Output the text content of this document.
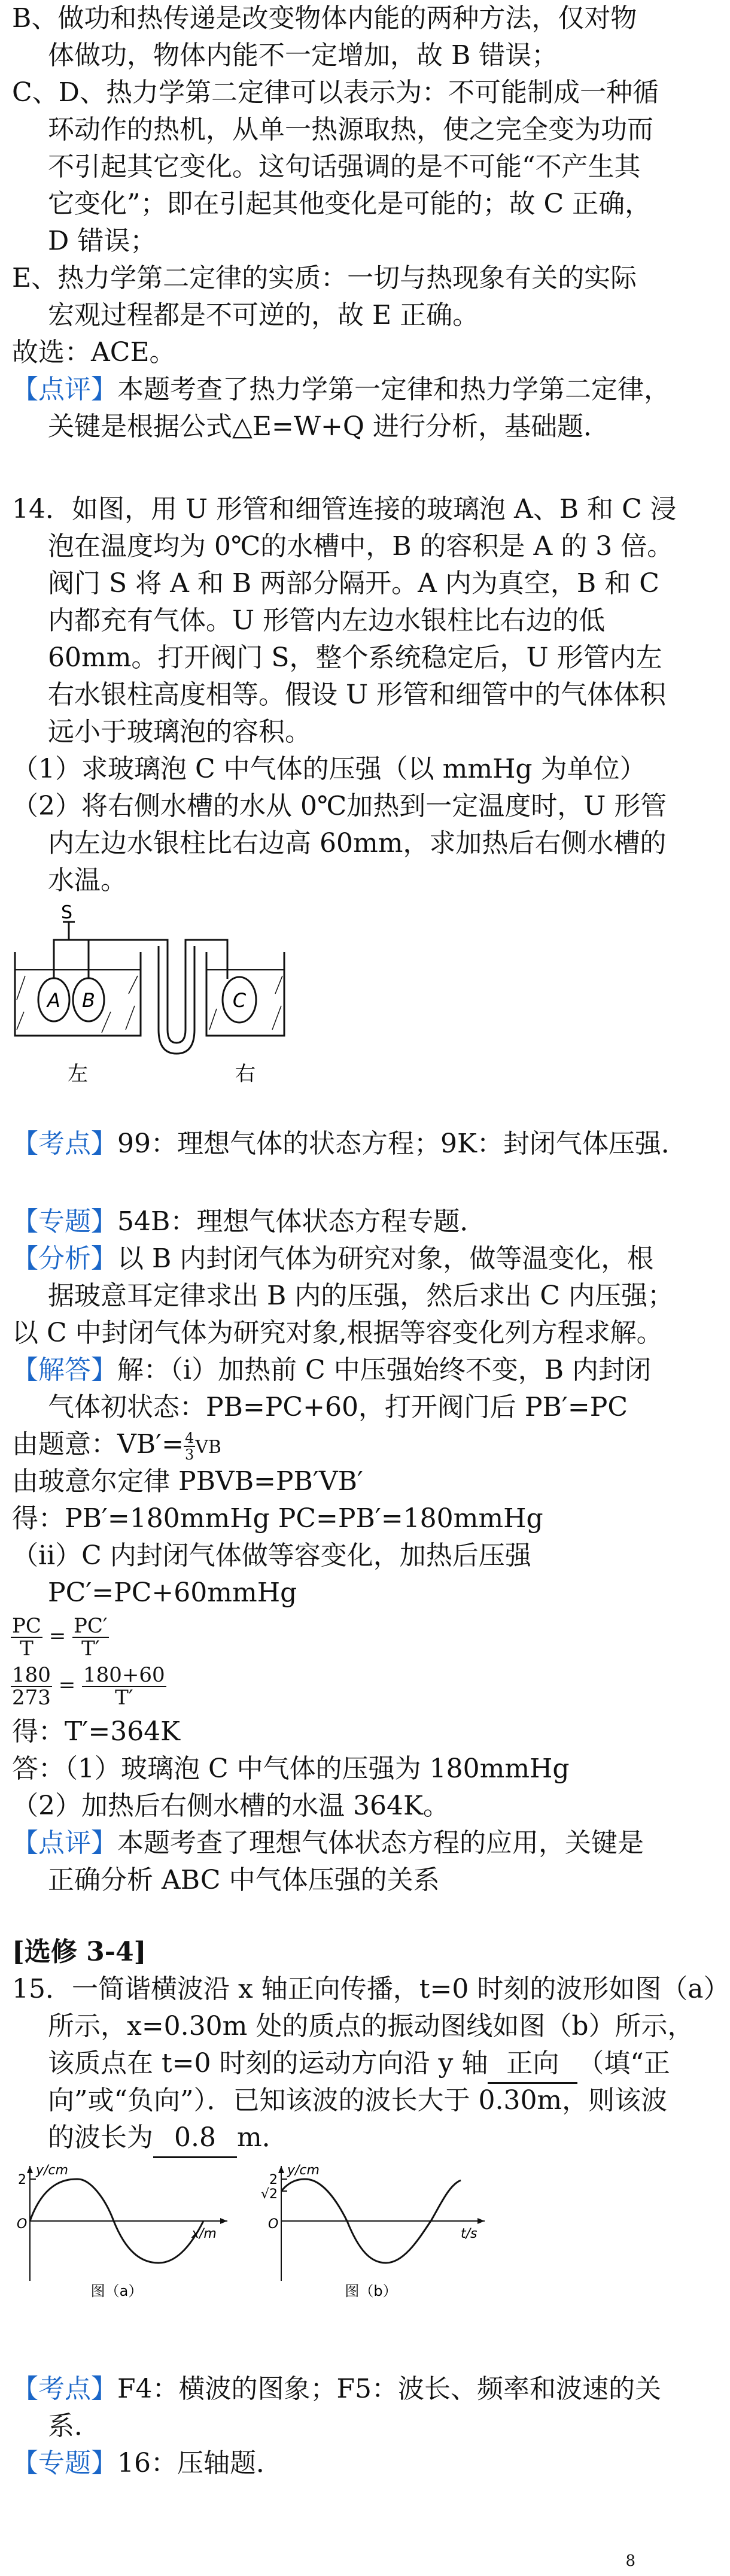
B、做功和热传递是改变物体内能的两种方法，仅对物
体做功，物体内能不一定增加，故 B 错误；
C、D、热力学第二定律可以表示为：不可能制成一种循
环动作的热机，从单一热源取热，使之完全变为功而
不引起其它变化。这句话强调的是不可能“不产生其
它变化”；即在引起其他变化是可能的；故 C 正确，
D 错误；
E、热力学第二定律的实质：一切与热现象有关的实际
宏观过程都是不可逆的，故 E 正确。
故选：ACE。
【点评】本题考查了热力学第一定律和热力学第二定律，
关键是根据公式△E=W+Q 进行分析，基础题．
14．如图，用 U 形管和细管连接的玻璃泡 A、B 和 C 浸
泡在温度均为 0℃的水槽中，B 的容积是 A 的 3 倍。
阀门 S 将 A 和 B 两部分隔开。A 内为真空，B 和 C
内都充有气体。U 形管内左边水银柱比右边的低
60mm。打开阀门 S，整个系统稳定后，U 形管内左
右水银柱高度相等。假设 U 形管和细管中的气体体积
远小于玻璃泡的容积。
（1）求玻璃泡 C 中气体的压强（以 mmHg 为单位）
（2）将右侧水槽的水从 0℃加热到一定温度时，U 形管
内左边水银柱比右边高 60mm，求加热后右侧水槽的
水温。
A B
S
C
左	右
【考点】99：理想气体的状态方程；9K：封闭气体压强．
【专题】54B：理想气体状态方程专题．
【分析】以 B 内封闭气体为研究对象，做等温变化，根
据玻意耳定律求出 B 内的压强，然后求出 C 内压强；
以 C 中封闭气体为研究对象,根据等容变化列方程求解。
【解答】解：（i）加热前 C 中压强始终不变，B 内封闭
气体初状态：PB=PC+60，打开阀门后 PB′=PC
由题意：$VB'= \frac{4}{3}$ VB
由玻意尔定律 PBVB=PB′VB′
得：PB′=180mmHg PC=PB′=180mmHg
（ii）C 内封闭气体做等容变化，加热后压强
PC′=PC+60mmHg
$\frac{PC}{T} = \frac{PC'}{T'}$
$\frac{180}{273} = \frac{180+60}{T'}$
得：T′=364K
答：（1）玻璃泡 C 中气体的压强为 180mmHg
（2）加热后右侧水槽的水温 364K。
【点评】本题考查了理想气体状态方程的应用，关键是
正确分析 ABC 中气体压强的关系
[选修 3-4]
15．一简谐横波沿 x 轴正向传播，t=0 时刻的波形如图（a）
所示，x=0.30m 处的质点的振动图线如图（b）所示，
该质点在 t=0 时刻的运动方向沿 y 轴 正向 （填“正
向”或“负向”）．已知该波的波长大于 0.30m，则该波
的波长为 0.8 m．
y/cm
2
O
x/m
图（a）
y/cm
2
√2
O
t/s
图（b）
【考点】F4：横波的图象；F5：波长、频率和波速的关
系．
【专题】16：压轴题．
8
